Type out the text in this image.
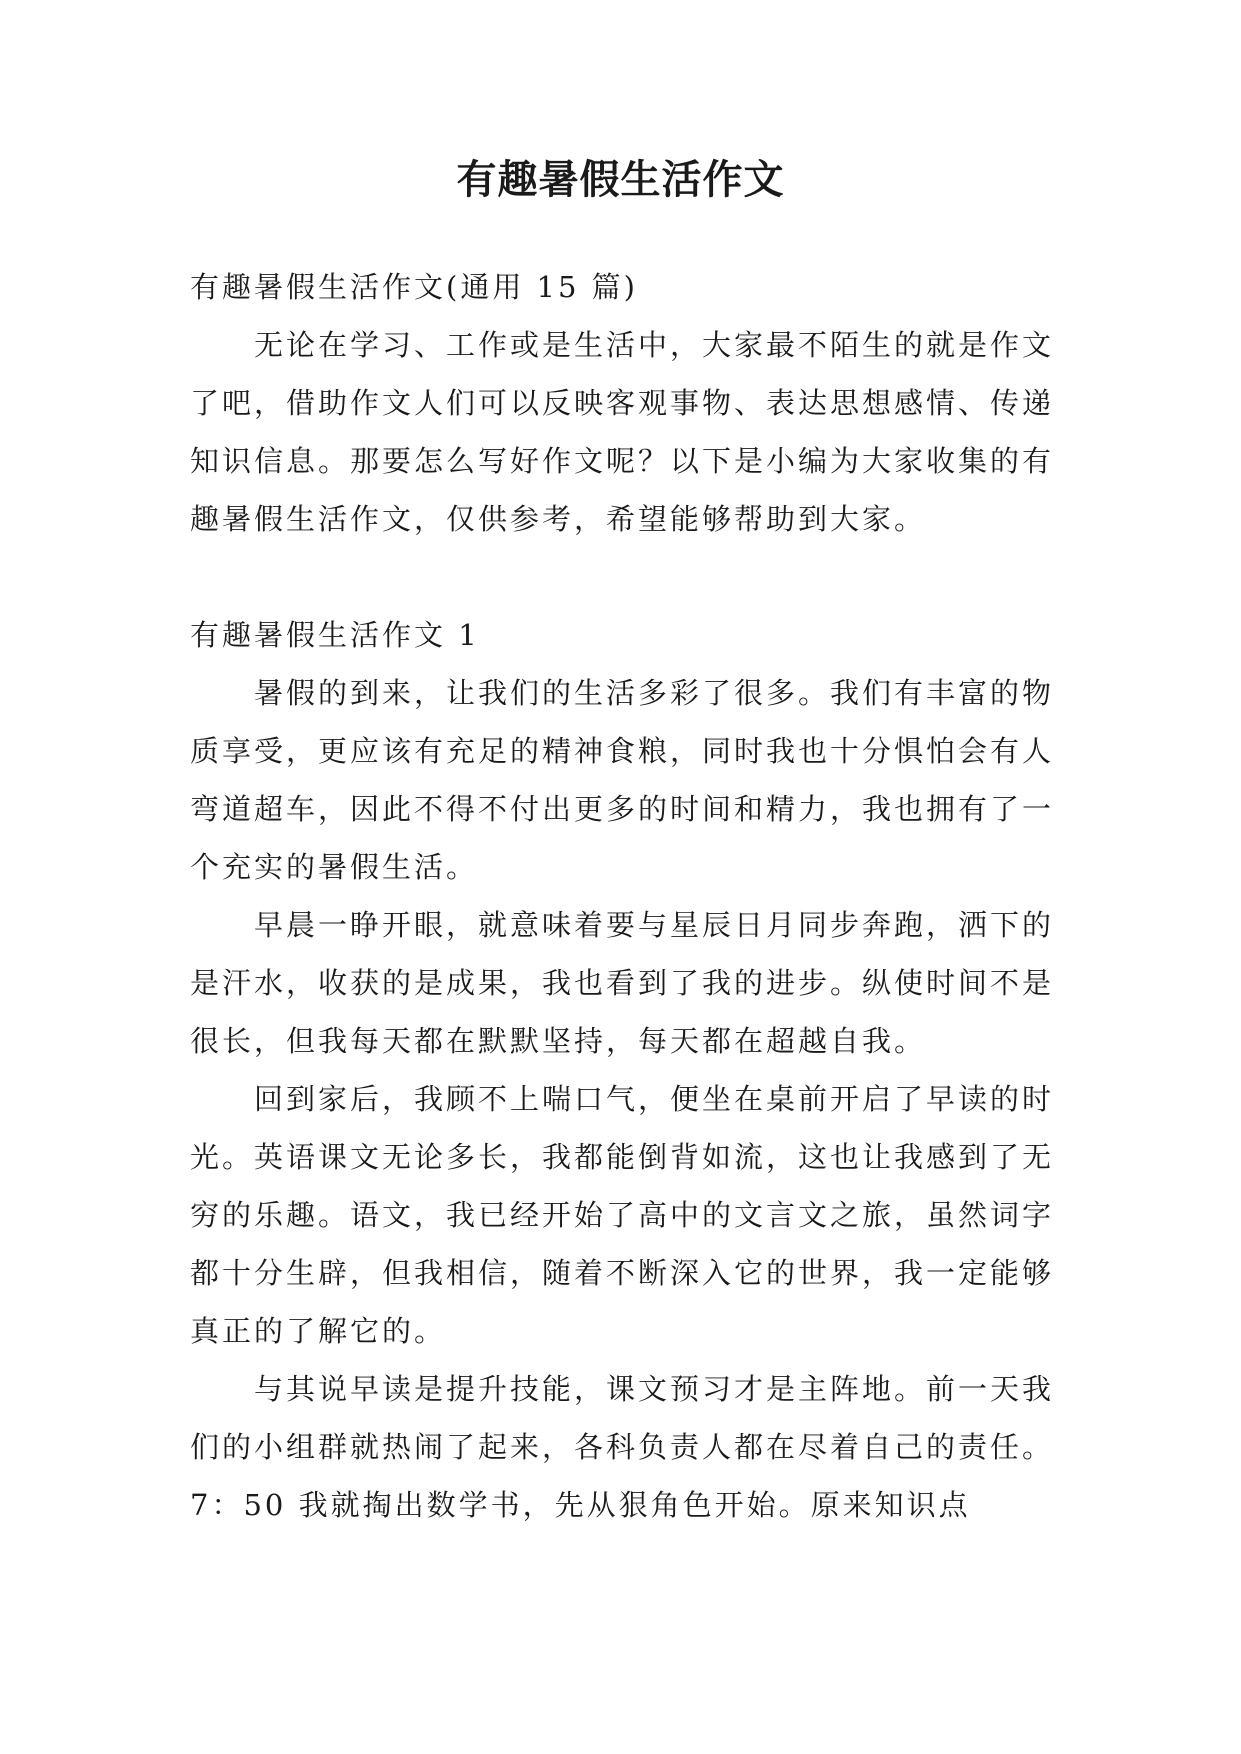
有趣暑假生活作文

有趣暑假生活作文(通用 15 篇)

无论在学习、工作或是生活中，大家最不陌生的就是作文了吧，借助作文人们可以反映客观事物、表达思想感情、传递知识信息。那要怎么写好作文呢？以下是小编为大家收集的有趣暑假生活作文，仅供参考，希望能够帮助到大家。

有趣暑假生活作文 1

暑假的到来，让我们的生活多彩了很多。我们有丰富的物质享受，更应该有充足的精神食粮，同时我也十分惧怕会有人弯道超车，因此不得不付出更多的时间和精力，我也拥有了一个充实的暑假生活。

早晨一睁开眼，就意味着要与星辰日月同步奔跑，洒下的是汗水，收获的是成果，我也看到了我的进步。纵使时间不是很长，但我每天都在默默坚持，每天都在超越自我。

回到家后，我顾不上喘口气，便坐在桌前开启了早读的时光。英语课文无论多长，我都能倒背如流，这也让我感到了无穷的乐趣。语文，我已经开始了高中的文言文之旅，虽然词字都十分生辟，但我相信，随着不断深入它的世界，我一定能够真正的了解它的。

与其说早读是提升技能，课文预习才是主阵地。前一天我们的小组群就热闹了起来，各科负责人都在尽着自己的责任。7：50 我就掏出数学书，先从狠角色开始。原来知识点
